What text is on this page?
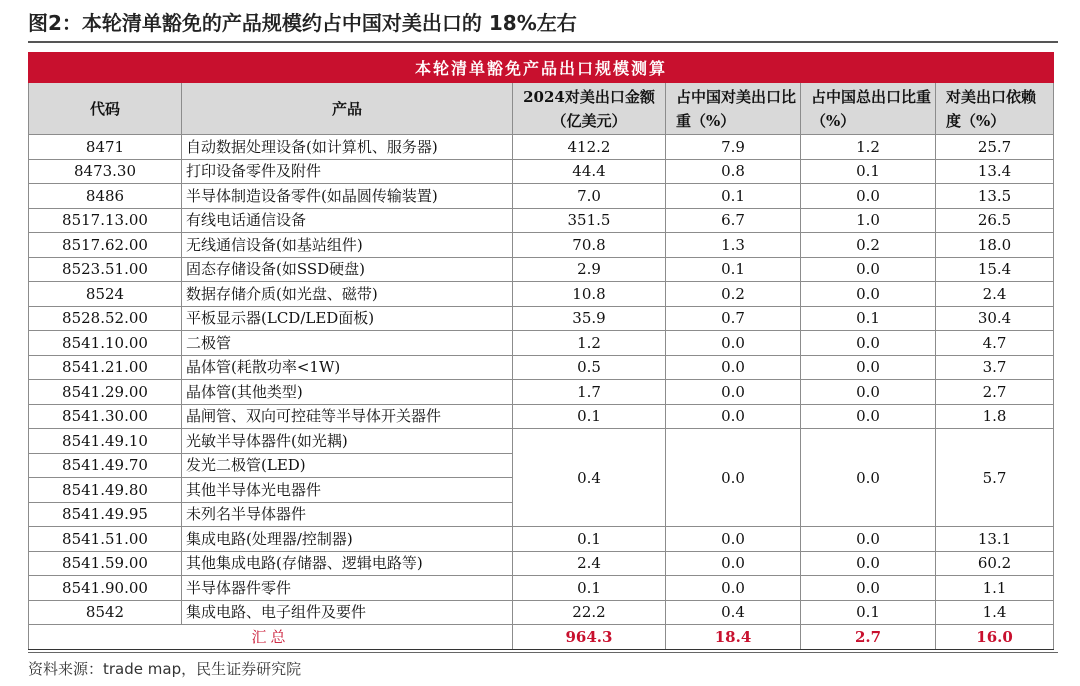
图2：本轮清单豁免的产品规模约占中国对美出口的 18%左右
本轮清单豁免产品出口规模测算					
代码	产品	2024对美出口金额（亿美元）	占中国对美出口比重（%）	占中国总出口比重（%）	对美出口依赖度（%）
8471	自动数据处理设备(如计算机、服务器)	412.2	7.9	1.2	25.7
8473.30	打印设备零件及附件	44.4	0.8	0.1	13.4
8486	半导体制造设备零件(如晶圆传输装置)	7.0	0.1	0.0	13.5
8517.13.00	有线电话通信设备	351.5	6.7	1.0	26.5
8517.62.00	无线通信设备(如基站组件)	70.8	1.3	0.2	18.0
8523.51.00	固态存储设备(如SSD硬盘)	2.9	0.1	0.0	15.4
8524	数据存储介质(如光盘、磁带)	10.8	0.2	0.0	2.4
8528.52.00	平板显示器(LCD/LED面板)	35.9	0.7	0.1	30.4
8541.10.00	二极管	1.2	0.0	0.0	4.7
8541.21.00	晶体管(耗散功率<1W)	0.5	0.0	0.0	3.7
8541.29.00	晶体管(其他类型)	1.7	0.0	0.0	2.7
8541.30.00	晶闸管、双向可控硅等半导体开关器件	0.1	0.0	0.0	1.8
8541.49.10	光敏半导体器件(如光耦)	0.4	0.0	0.0	5.7
8541.49.70	发光二极管(LED)				
8541.49.80	其他半导体光电器件				
8541.49.95	未列名半导体器件				
8541.51.00	集成电路(处理器/控制器)	0.1	0.0	0.0	13.1
8541.59.00	其他集成电路(存储器、逻辑电路等)	2.4	0.0	0.0	60.2
8541.90.00	半导体器件零件	0.1	0.0	0.0	1.1
8542	集成电路、电子组件及要件	22.2	0.4	0.1	1.4
汇总		964.3	18.4	2.7	16.0
资料来源：trade map，民生证券研究院
